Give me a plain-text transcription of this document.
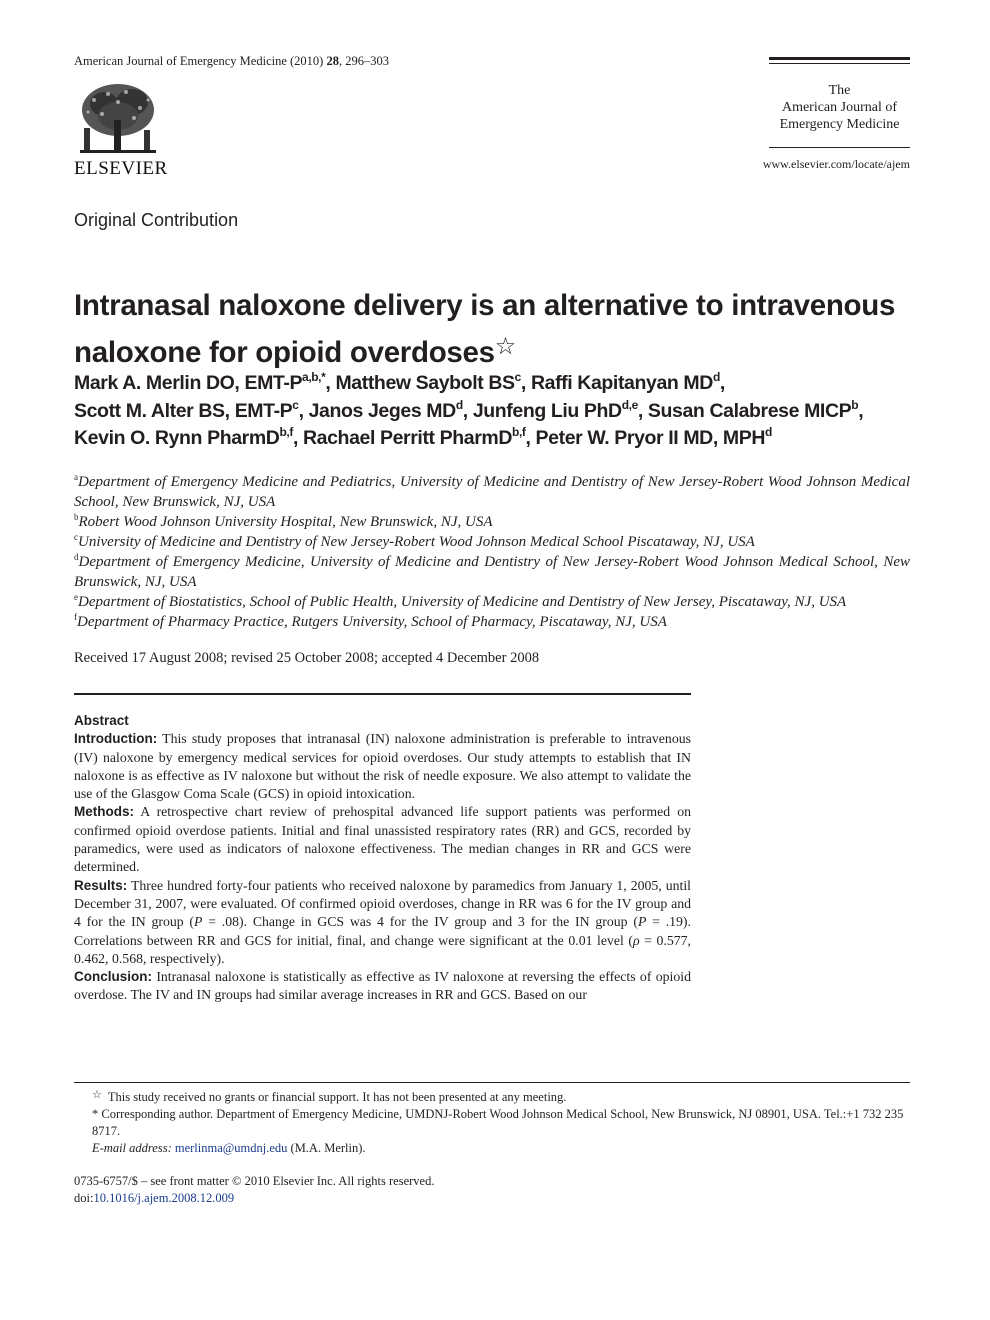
American Journal of Emergency Medicine (2010) 28, 296–303
ELSEVIER
The
American Journal of
Emergency Medicine
www.elsevier.com/locate/ajem
Original Contribution
Intranasal naloxone delivery is an alternative to intravenous naloxone for opioid overdoses☆
Mark A. Merlin DO, EMT-$P^{a,b,*}$, Matthew Saybolt $BS^c$, Raffi Kapitanyan $MD^d$,
Scott M. Alter BS, EMT-$P^c$, Janos Jeges $MD^d$, Junfeng Liu PhD$^{d,e}$, Susan Calabrese MICP$^b$,
Kevin O. Rynn PharmD$^{b,f}$, Rachael Perritt PharmD$^{b,f}$, Peter W. Pryor II MD, MPH$^d$
$^a$Department of Emergency Medicine and Pediatrics, University of Medicine and Dentistry of New Jersey-Robert Wood Johnson Medical School, New Brunswick, NJ, USA
$^b$Robert Wood Johnson University Hospital, New Brunswick, NJ, USA
$^c$University of Medicine and Dentistry of New Jersey-Robert Wood Johnson Medical School Piscataway, NJ, USA
$^d$Department of Emergency Medicine, University of Medicine and Dentistry of New Jersey-Robert Wood Johnson Medical School, New Brunswick, NJ, USA
$^e$Department of Biostatistics, School of Public Health, University of Medicine and Dentistry of New Jersey, Piscataway, NJ, USA
$^f$Department of Pharmacy Practice, Rutgers University, School of Pharmacy, Piscataway, NJ, USA
Received 17 August 2008; revised 25 October 2008; accepted 4 December 2008
Abstract

Introduction: This study proposes that intranasal (IN) naloxone administration is preferable to intravenous (IV) naloxone by emergency medical services for opioid overdoses. Our study attempts to establish that IN naloxone is as effective as IV naloxone but without the risk of needle exposure. We also attempt to validate the use of the Glasgow Coma Scale (GCS) in opioid intoxication.

Methods: A retrospective chart review of prehospital advanced life support patients was performed on confirmed opioid overdose patients. Initial and final unassisted respiratory rates (RR) and GCS, recorded by paramedics, were used as indicators of naloxone effectiveness. The median changes in RR and GCS were determined.

Results: Three hundred forty-four patients who received naloxone by paramedics from January 1, 2005, until December 31, 2007, were evaluated. Of confirmed opioid overdoses, change in RR was 6 for the IV group and 4 for the IN group (P = .08). Change in GCS was 4 for the IV group and 3 for the IN group (P = .19). Correlations between RR and GCS for initial, final, and change were significant at the 0.01 level (ρ = 0.577, 0.462, 0.568, respectively).

Conclusion: Intranasal naloxone is statistically as effective as IV naloxone at reversing the effects of opioid overdose. The IV and IN groups had similar average increases in RR and GCS. Based on our

☆ This study received no grants or financial support. It has not been presented at any meeting.

* Corresponding author. Department of Emergency Medicine, UMDNJ-Robert Wood Johnson Medical School, New Brunswick, NJ 08901, USA. Tel.:+1 732 235 8717.

E-mail address: merlinma@umdnj.edu (M.A. Merlin).

0735-6757/$ – see front matter © 2010 Elsevier Inc. All rights reserved.
doi:10.1016/j.ajem.2008.12.009
